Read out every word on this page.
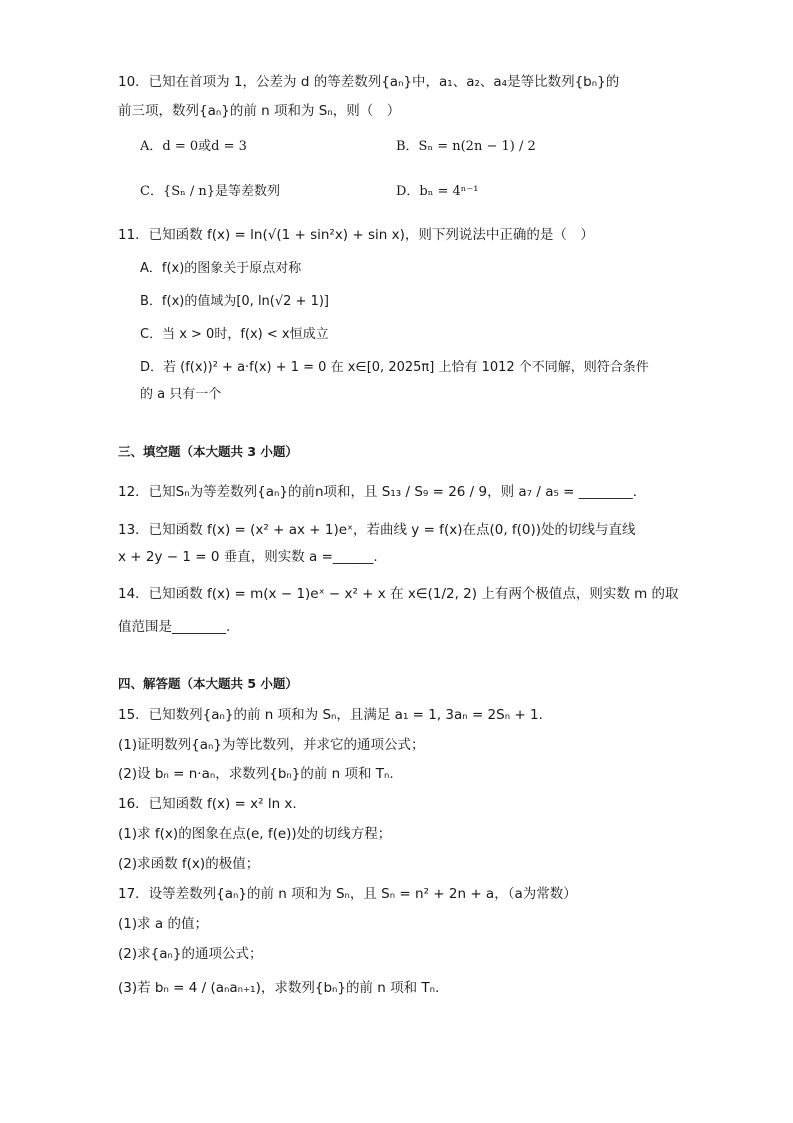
10．已知在首项为 1，公差为 d 的等差数列{aₙ}中，a₁、a₂、a₄是等比数列{bₙ}的
前三项，数列{aₙ}的前 n 项和为 Sₙ，则（　）
A．d = 0或d = 3	B．Sₙ = n(2n − 1) / 2
C．{Sₙ / n}是等差数列	D．bₙ = 4ⁿ⁻¹
11．已知函数 f(x) = ln(√(1 + sin²x) + sin x)，则下列说法中正确的是（　）
A．f(x)的图象关于原点对称
B．f(x)的值域为[0, ln(√2 + 1)]
C．当 x > 0时，f(x) < x恒成立
D．若 (f(x))² + a·f(x) + 1 = 0 在 x∈[0, 2025π] 上恰有 1012 个不同解，则符合条件
的 a 只有一个
三、填空题（本大题共 3 小题）
12．已知Sₙ为等差数列{aₙ}的前n项和，且 S₁₃ / S₉ = 26 / 9，则 a₇ / a₅ = ________．
13．已知函数 f(x) = (x² + ax + 1)eˣ，若曲线 y = f(x)在点(0, f(0))处的切线与直线
x + 2y − 1 = 0 垂直，则实数 a =______.
14．已知函数 f(x) = m(x − 1)eˣ − x² + x 在 x∈(1/2, 2) 上有两个极值点，则实数 m 的取
值范围是________.
四、解答题（本大题共 5 小题）
15．已知数列{aₙ}的前 n 项和为 Sₙ，且满足 a₁ = 1, 3aₙ = 2Sₙ + 1.
(1)证明数列{aₙ}为等比数列，并求它的通项公式；
(2)设 bₙ = n·aₙ，求数列{bₙ}的前 n 项和 Tₙ.
16．已知函数 f(x) = x² ln x.
(1)求 f(x)的图象在点(e, f(e))处的切线方程；
(2)求函数 f(x)的极值；
17．设等差数列{aₙ}的前 n 项和为 Sₙ，且 Sₙ = n² + 2n + a，（a为常数）
(1)求 a 的值；
(2)求{aₙ}的通项公式；
(3)若 bₙ = 4 / (aₙaₙ₊₁)，求数列{bₙ}的前 n 项和 Tₙ.
